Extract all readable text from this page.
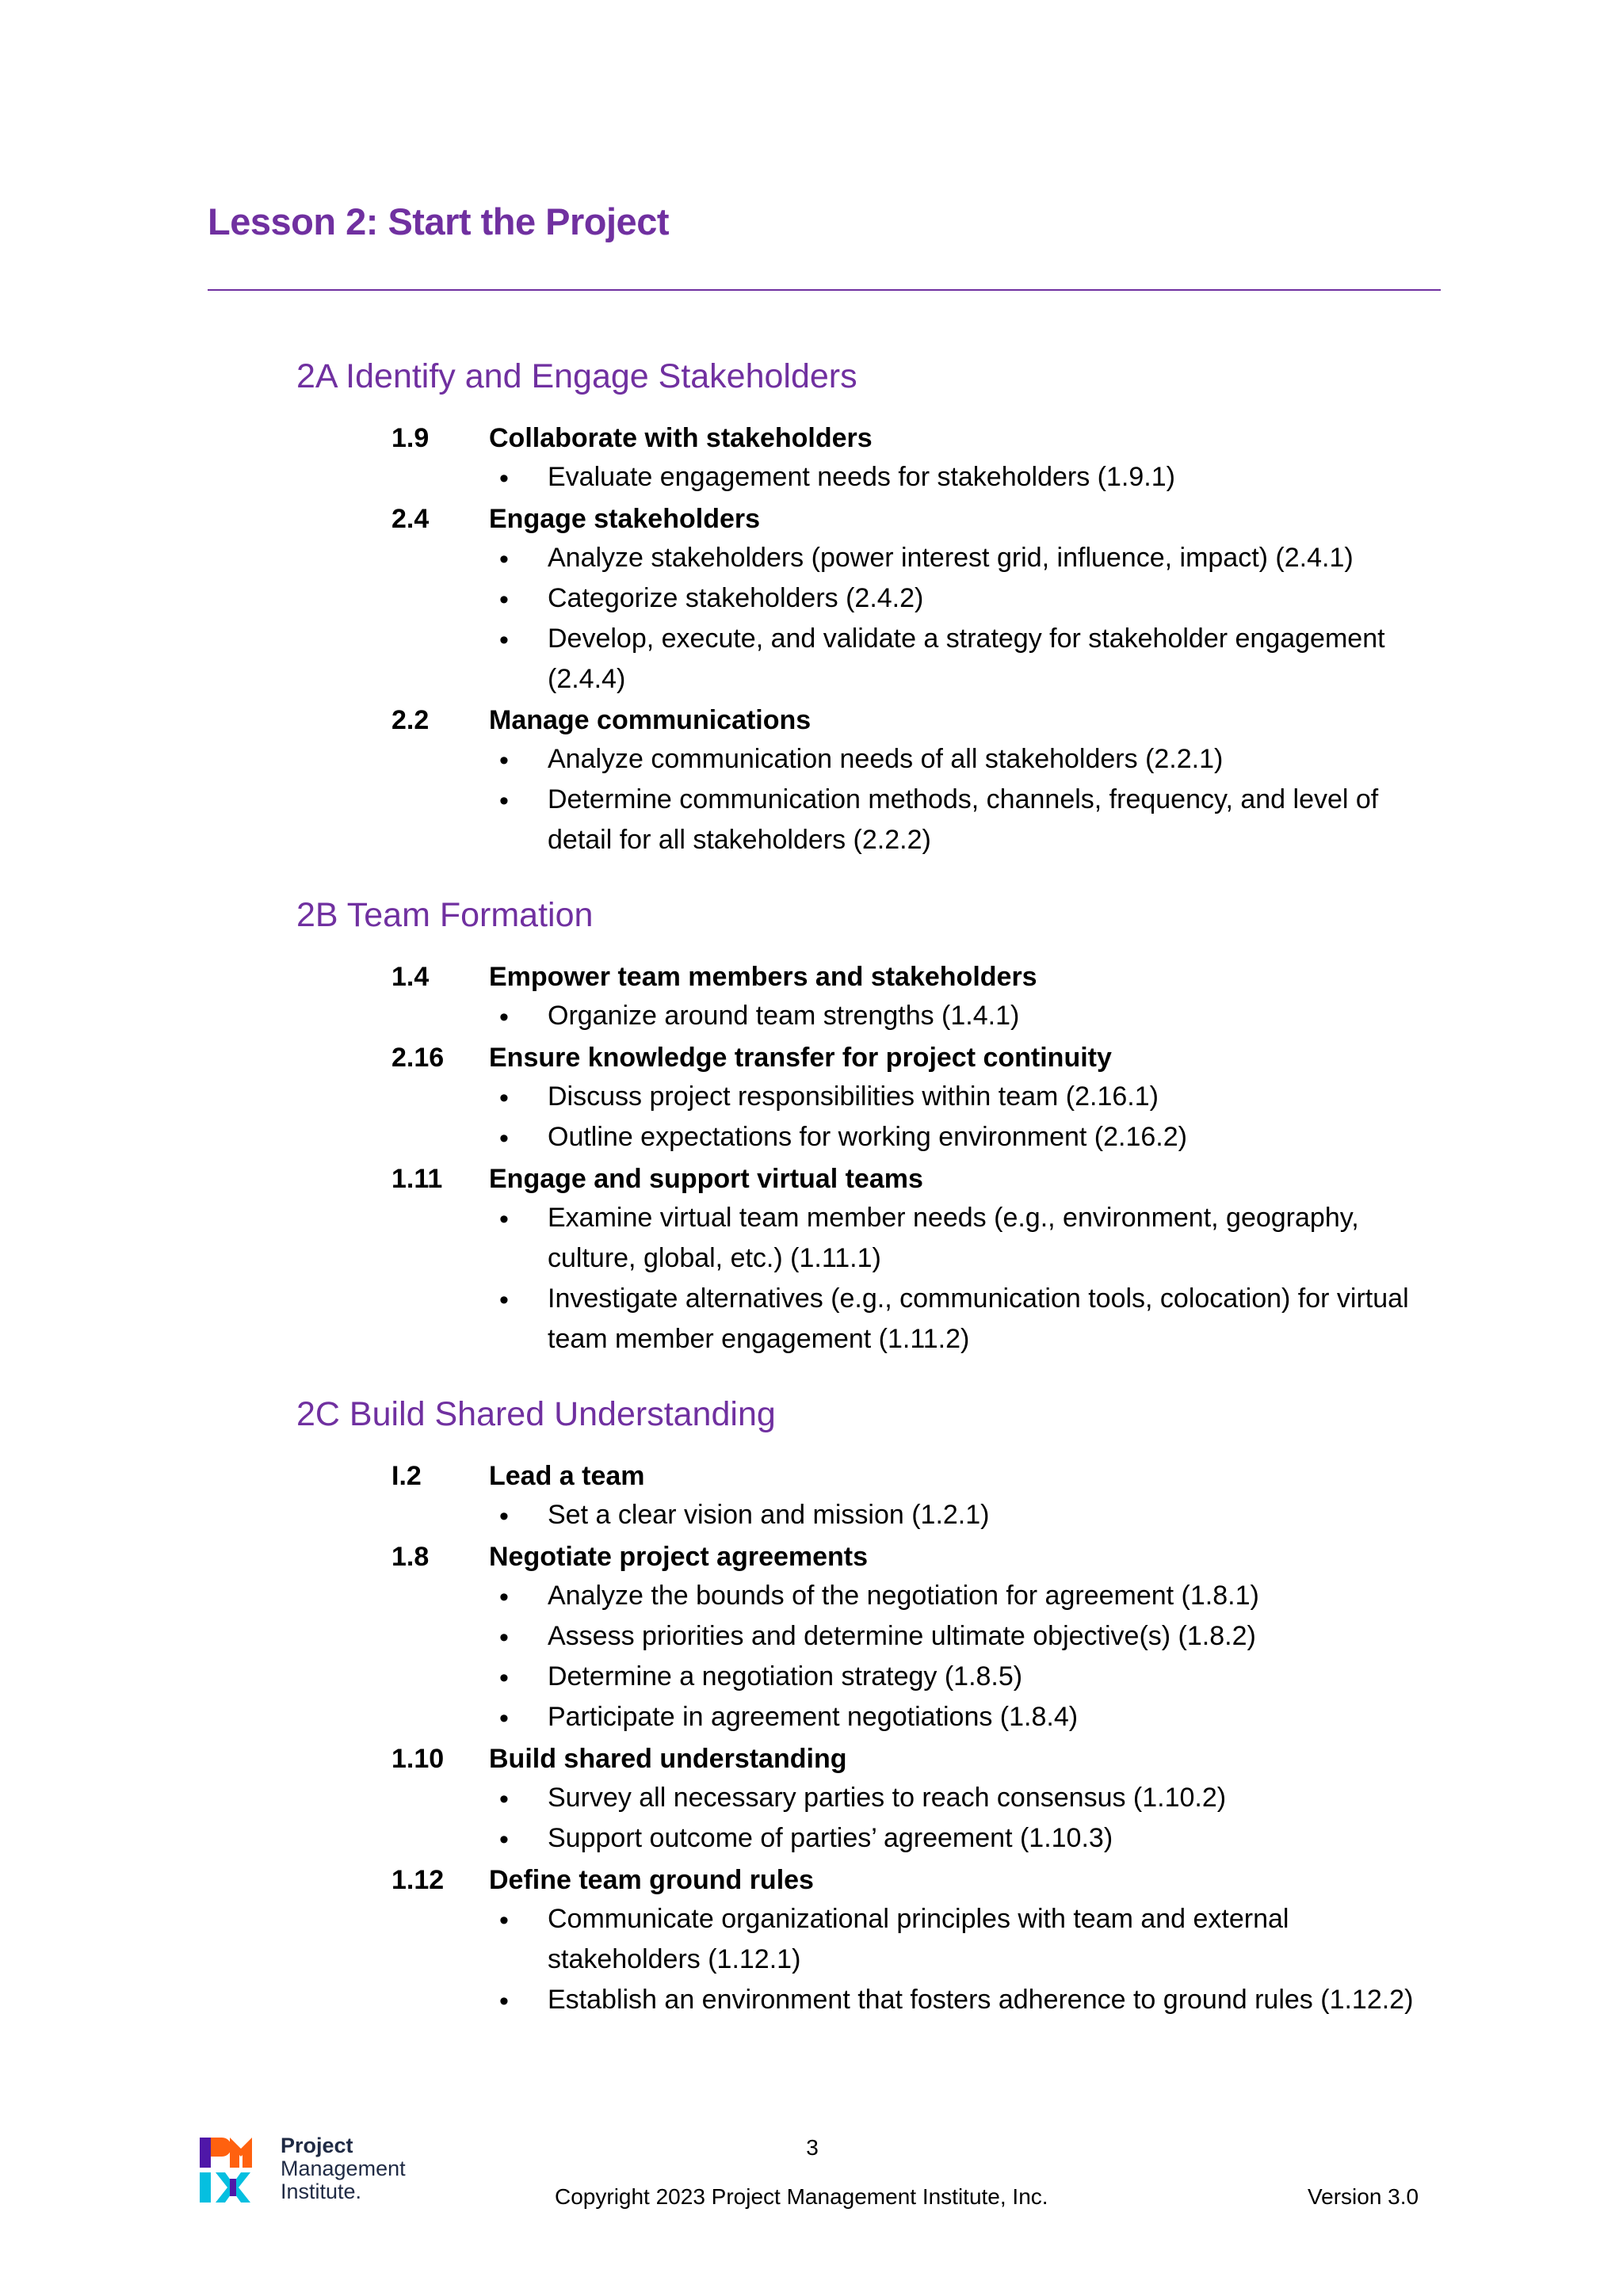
Lesson 2: Start the Project
2A Identify and Engage Stakeholders
1.9 Collaborate with stakeholders
• Evaluate engagement needs for stakeholders (1.9.1)
2.4 Engage stakeholders
• Analyze stakeholders (power interest grid, influence, impact) (2.4.1)
• Categorize stakeholders (2.4.2)
• Develop, execute, and validate a strategy for stakeholder engagement (2.4.4)
2.2 Manage communications
• Analyze communication needs of all stakeholders (2.2.1)
• Determine communication methods, channels, frequency, and level of detail for all stakeholders (2.2.2)
2B Team Formation
1.4 Empower team members and stakeholders
• Organize around team strengths (1.4.1)
2.16 Ensure knowledge transfer for project continuity
• Discuss project responsibilities within team (2.16.1)
• Outline expectations for working environment (2.16.2)
1.11 Engage and support virtual teams
• Examine virtual team member needs (e.g., environment, geography, culture, global, etc.) (1.11.1)
• Investigate alternatives (e.g., communication tools, colocation) for virtual team member engagement (1.11.2)
2C Build Shared Understanding
I.2	Lead a team
• Set a clear vision and mission (1.2.1)
1.8 Negotiate project agreements
• Analyze the bounds of the negotiation for agreement (1.8.1)
• Assess priorities and determine ultimate objective(s) (1.8.2)
• Determine a negotiation strategy (1.8.5)
• Participate in agreement negotiations (1.8.4)
1.10 Build shared understanding
• Survey all necessary parties to reach consensus (1.10.2)
• Support outcome of parties’ agreement (1.10.3)
1.12 Define team ground rules
• Communicate organizational principles with team and external stakeholders (1.12.1)
• Establish an environment that fosters adherence to ground rules (1.12.2)
Project
Management
Institute.
3
Copyright 2023 Project Management Institute, Inc.	Version 3.0
